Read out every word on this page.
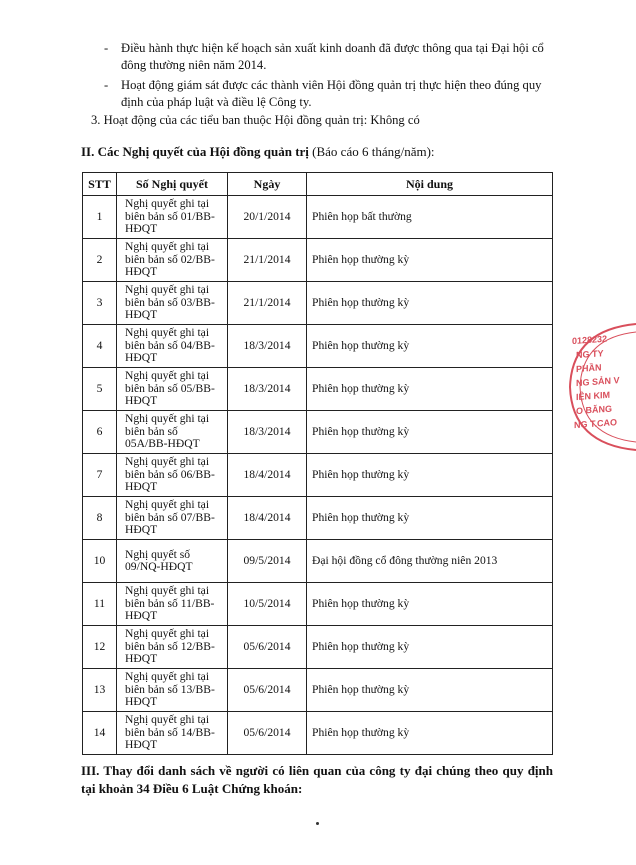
-	Điều hành thực hiện kế hoạch sản xuất kinh doanh đã được thông qua tại Đại hội cổ đông thường niên năm 2014.
-	Hoạt động giám sát được các thành viên Hội đồng quản trị thực hiện theo đúng quy định của pháp luật và điều lệ Công ty.
3. Hoạt động của các tiểu ban thuộc Hội đồng quản trị: Không có
II. Các Nghị quyết của Hội đồng quản trị (Báo cáo 6 tháng/năm):
STT	Số Nghị quyết	Ngày	Nội dung
1	Nghị quyết ghi tại biên bản số 01/BB-HĐQT	20/1/2014	Phiên họp bất thường
2	Nghị quyết ghi tại biên bản số 02/BB-HĐQT	21/1/2014	Phiên họp thường kỳ
3	Nghị quyết ghi tại biên bản số 03/BB-HĐQT	21/1/2014	Phiên họp thường kỳ
4	Nghị quyết ghi tại biên bản số 04/BB-HĐQT	18/3/2014	Phiên họp thường kỳ
5	Nghị quyết ghi tại biên bản số 05/BB-HĐQT	18/3/2014	Phiên họp thường kỳ
6	Nghị quyết ghi tại biên bản số 05A/BB-HĐQT	18/3/2014	Phiên họp thường kỳ
7	Nghị quyết ghi tại biên bản số 06/BB-HĐQT	18/4/2014	Phiên họp thường kỳ
8	Nghị quyết ghi tại biên bản số 07/BB-HĐQT	18/4/2014	Phiên họp thường kỳ
10	Nghị quyết số 09/NQ-HĐQT	09/5/2014	Đại hội đồng cổ đông thường niên 2013
11	Nghị quyết ghi tại biên bản số 11/BB-HĐQT	10/5/2014	Phiên họp thường kỳ
12	Nghị quyết ghi tại biên bản số 12/BB-HĐQT	05/6/2014	Phiên họp thường kỳ
13	Nghị quyết ghi tại biên bản số 13/BB-HĐQT	05/6/2014	Phiên họp thường kỳ
14	Nghị quyết ghi tại biên bản số 14/BB-HĐQT	05/6/2014	Phiên họp thường kỳ
III. Thay đổi danh sách về người có liên quan của công ty đại chúng theo quy định tại khoản 34 Điều 6 Luật Chứng khoán:
0128232
NG TY
PHẦN
NG SẢN V
IỆN KIM
O BĂNG
NG T.CAO
